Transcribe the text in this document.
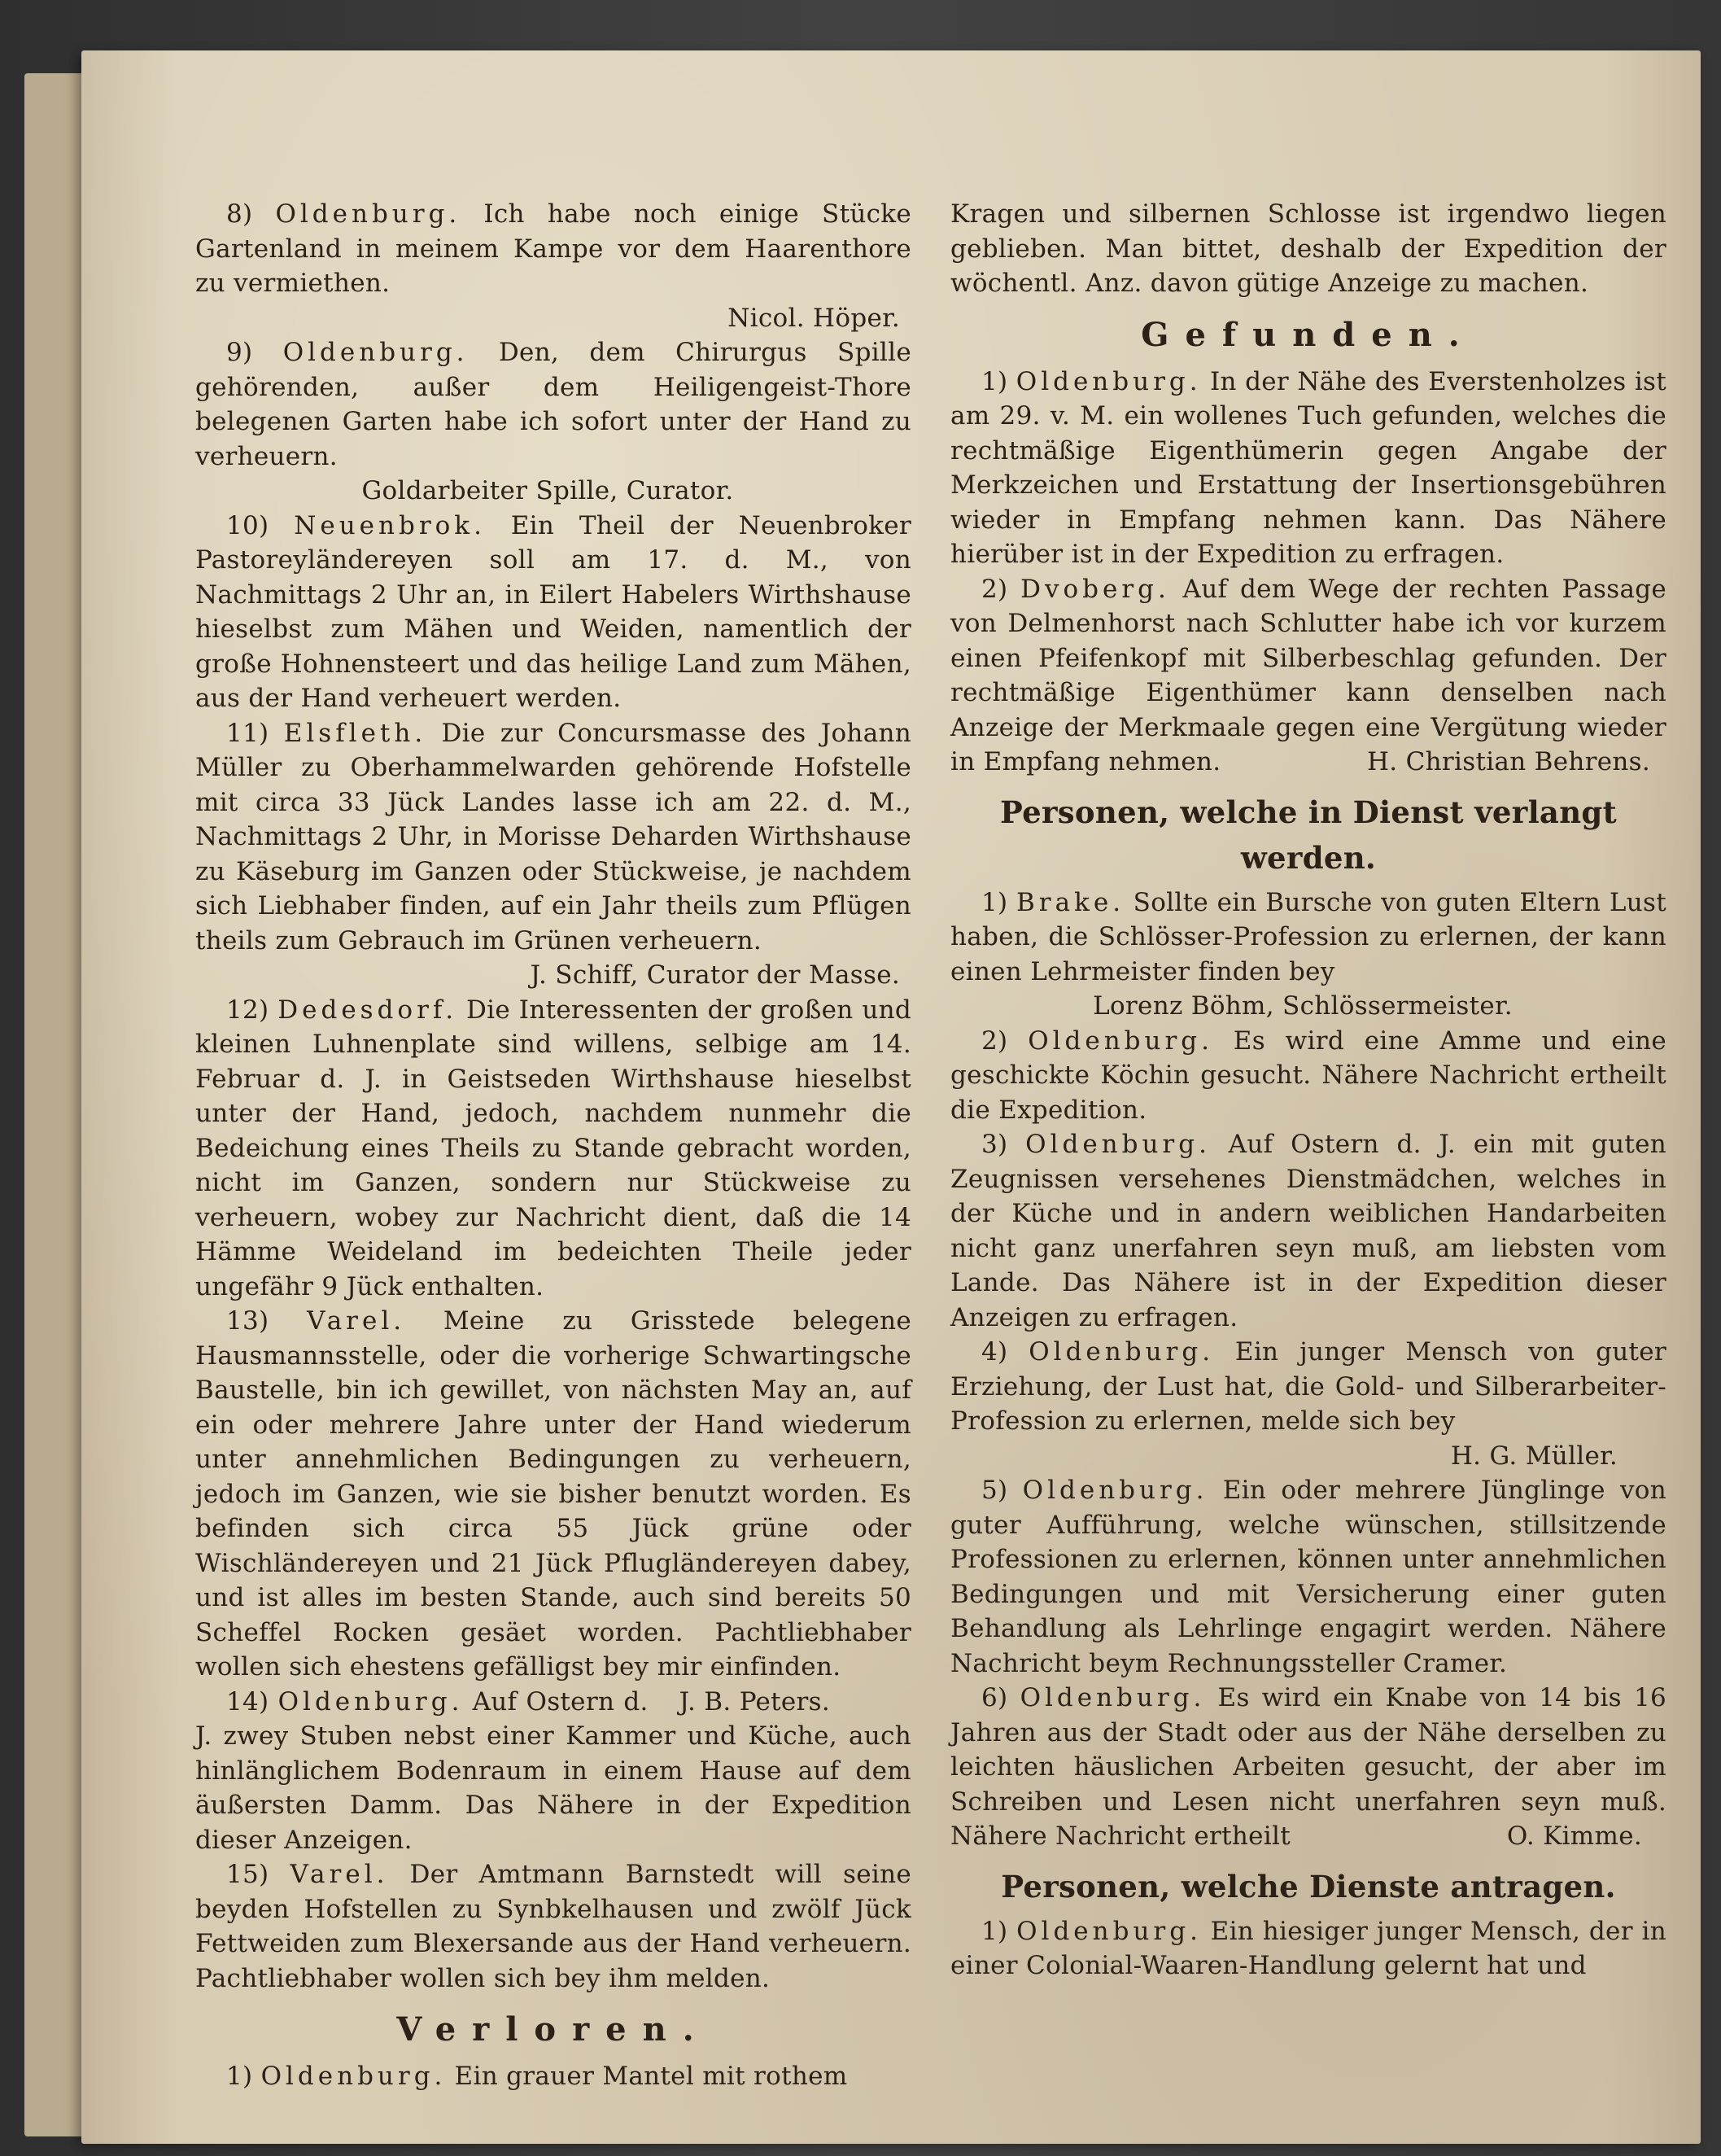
8) Oldenburg. Ich habe noch einige Stücke Gartenland in meinem Kampe vor dem Haarenthore zu vermiethen.

Nicol. Höper.

9) Oldenburg. Den, dem Chirurgus Spille gehörenden, außer dem Heiligengeist-Thore belegenen Garten habe ich sofort unter der Hand zu verheuern.

Goldarbeiter Spille, Curator.

10) Neuenbrok. Ein Theil der Neuenbroker Pastoreyländereyen soll am 17. d. M., von Nachmittags 2 Uhr an, in Eilert Habelers Wirthshause hieselbst zum Mähen und Weiden, namentlich der große Hohnensteert und das heilige Land zum Mähen, aus der Hand verheuert werden.

11) Elsfleth. Die zur Concursmasse des Johann Müller zu Oberhammelwarden gehörende Hofstelle mit circa 33 Jück Landes lasse ich am 22. d. M., Nachmittags 2 Uhr, in Morisse Deharden Wirthshause zu Käseburg im Ganzen oder Stückweise, je nachdem sich Liebhaber finden, auf ein Jahr theils zum Pflügen theils zum Gebrauch im Grünen verheuern.

J. Schiff, Curator der Masse.

12) Dedesdorf. Die Interessenten der großen und kleinen Luhnenplate sind willens, selbige am 14. Februar d. J. in Geistseden Wirthshause hieselbst unter der Hand, jedoch, nachdem nunmehr die Bedeichung eines Theils zu Stande gebracht worden, nicht im Ganzen, sondern nur Stückweise zu verheuern, wobey zur Nachricht dient, daß die 14 Hämme Weideland im bedeichten Theile jeder ungefähr 9 Jück enthalten.

13) Varel. Meine zu Grisstede belegene Hausmannsstelle, oder die vorherige Schwartingsche Baustelle, bin ich gewillet, von nächsten May an, auf ein oder mehrere Jahre unter der Hand wiederum unter annehmlichen Bedingungen zu verheuern, jedoch im Ganzen, wie sie bisher benutzt worden. Es befinden sich circa 55 Jück grüne oder Wischländereyen und 21 Jück Pflugländereyen dabey, und ist alles im besten Stande, auch sind bereits 50 Scheffel Rocken gesäet worden. Pachtliebhaber wollen sich ehestens gefälligst bey mir einfinden.
J. B. Peters.

14) Oldenburg. Auf Ostern d. J. zwey Stuben nebst einer Kammer und Küche, auch hinlänglichem Bodenraum in einem Hause auf dem äußersten Damm. Das Nähere in der Expedition dieser Anzeigen.

15) Varel. Der Amtmann Barnstedt will seine beyden Hofstellen zu Synbkelhausen und zwölf Jück Fettweiden zum Blexersande aus der Hand verheuern. Pachtliebhaber wollen sich bey ihm melden.

Verloren.

1) Oldenburg. Ein grauer Mantel mit rothem

Kragen und silbernen Schlosse ist irgendwo liegen geblieben. Man bittet, deshalb der Expedition der wöchentl. Anz. davon gütige Anzeige zu machen.

Gefunden.

1) Oldenburg. In der Nähe des Everstenholzes ist am 29. v. M. ein wollenes Tuch gefunden, welches die rechtmäßige Eigenthümerin gegen Angabe der Merkzeichen und Erstattung der Insertionsgebühren wieder in Empfang nehmen kann. Das Nähere hierüber ist in der Expedition zu erfragen.

2) Dvoberg. Auf dem Wege der rechten Passage von Delmenhorst nach Schlutter habe ich vor kurzem einen Pfeifenkopf mit Silberbeschlag gefunden. Der rechtmäßige Eigenthümer kann denselben nach Anzeige der Merkmaale gegen eine Vergütung wieder in Empfang nehmen.	H. Christian Behrens.

Personen, welche in Dienst verlangt werden.

1) Brake. Sollte ein Bursche von guten Eltern Lust haben, die Schlösser-Profession zu erlernen, der kann einen Lehrmeister finden bey

Lorenz Böhm, Schlössermeister.

2) Oldenburg. Es wird eine Amme und eine geschickte Köchin gesucht. Nähere Nachricht ertheilt die Expedition.

3) Oldenburg. Auf Ostern d. J. ein mit guten Zeugnissen versehenes Dienstmädchen, welches in der Küche und in andern weiblichen Handarbeiten nicht ganz unerfahren seyn muß, am liebsten vom Lande. Das Nähere ist in der Expedition dieser Anzeigen zu erfragen.

4) Oldenburg. Ein junger Mensch von guter Erziehung, der Lust hat, die Gold- und Silberarbeiter-Profession zu erlernen, melde sich bey

H. G. Müller.

5) Oldenburg. Ein oder mehrere Jünglinge von guter Aufführung, welche wünschen, stillsitzende Professionen zu erlernen, können unter annehmlichen Bedingungen und mit Versicherung einer guten Behandlung als Lehrlinge engagirt werden. Nähere Nachricht beym Rechnungssteller Cramer.

6) Oldenburg. Es wird ein Knabe von 14 bis 16 Jahren aus der Stadt oder aus der Nähe derselben zu leichten häuslichen Arbeiten gesucht, der aber im Schreiben und Lesen nicht unerfahren seyn muß. Nähere Nachricht ertheilt	O. Kimme.

Personen, welche Dienste antragen.

1) Oldenburg. Ein hiesiger junger Mensch, der in einer Colonial-Waaren-Handlung gelernt hat und
